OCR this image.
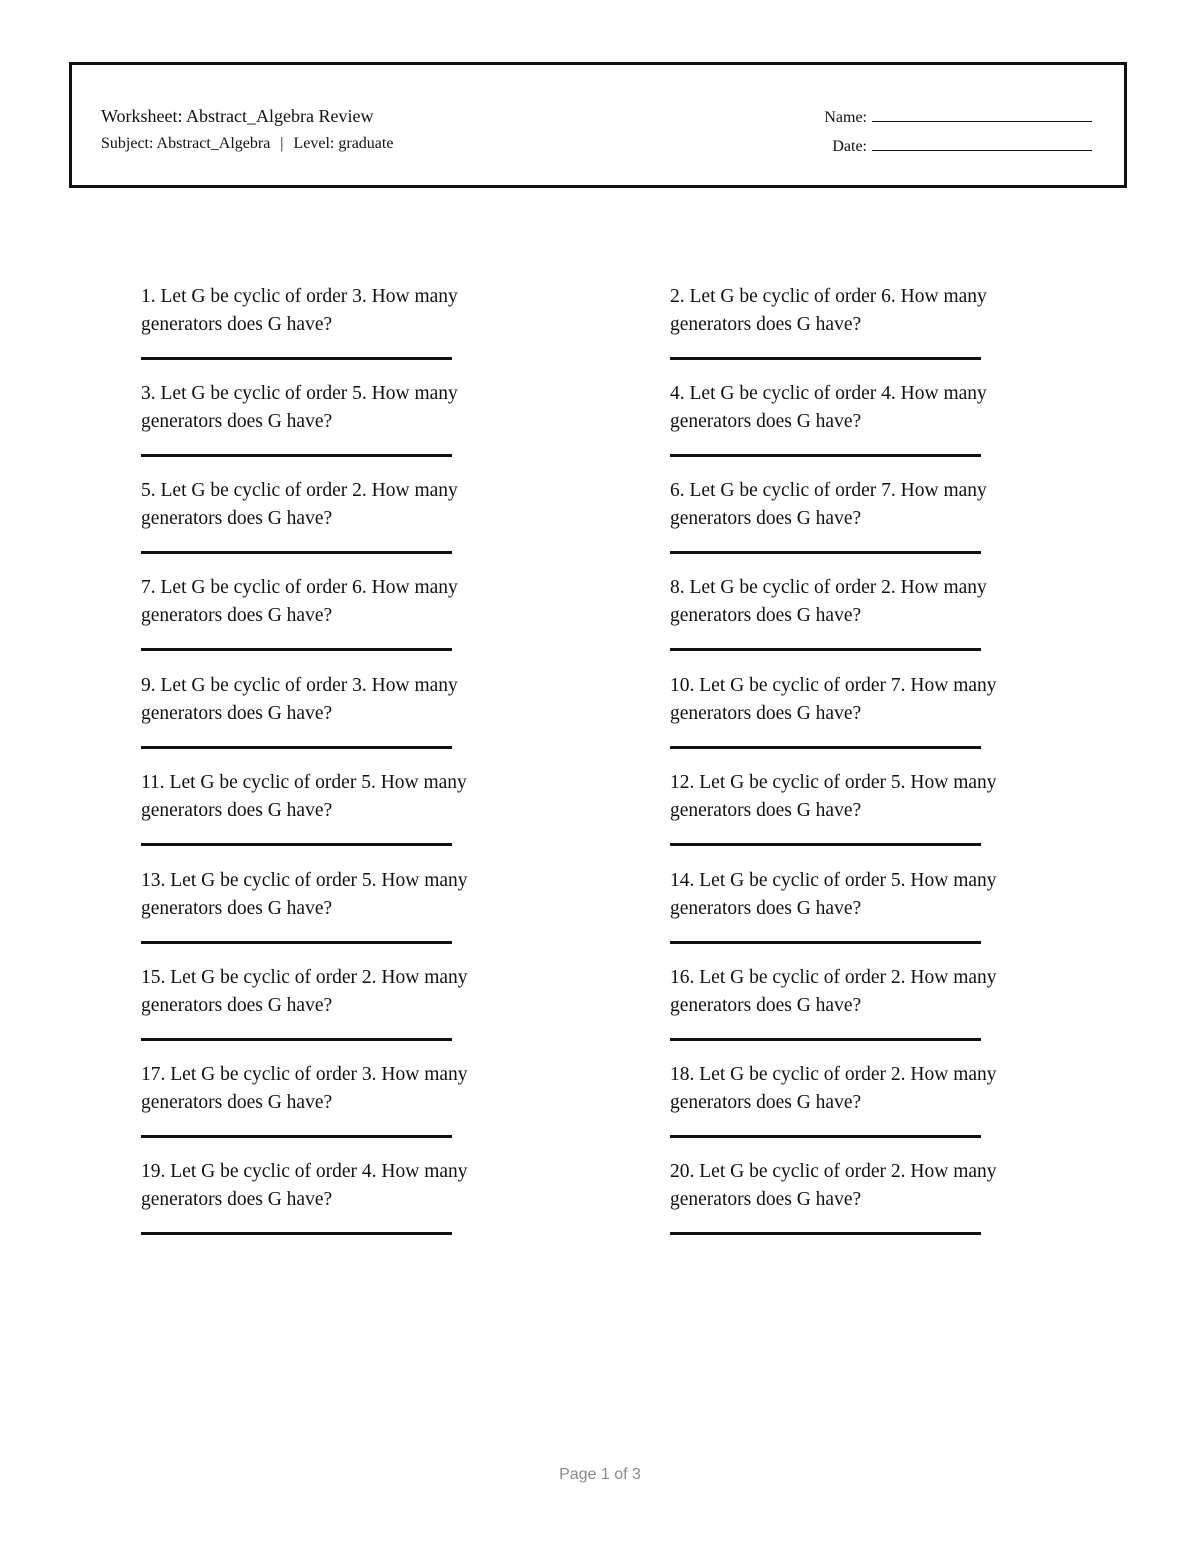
Worksheet: Abstract_Algebra Review
Subject: Abstract_Algebra | Level: graduate
Name:
Date:

1. Let G be cyclic of order 3. How many generators does G have?

2. Let G be cyclic of order 6. How many generators does G have?

3. Let G be cyclic of order 5. How many generators does G have?

4. Let G be cyclic of order 4. How many generators does G have?

5. Let G be cyclic of order 2. How many generators does G have?

6. Let G be cyclic of order 7. How many generators does G have?

7. Let G be cyclic of order 6. How many generators does G have?

8. Let G be cyclic of order 2. How many generators does G have?

9. Let G be cyclic of order 3. How many generators does G have?

10. Let G be cyclic of order 7. How many generators does G have?

11. Let G be cyclic of order 5. How many generators does G have?

12. Let G be cyclic of order 5. How many generators does G have?

13. Let G be cyclic of order 5. How many generators does G have?

14. Let G be cyclic of order 5. How many generators does G have?

15. Let G be cyclic of order 2. How many generators does G have?

16. Let G be cyclic of order 2. How many generators does G have?

17. Let G be cyclic of order 3. How many generators does G have?

18. Let G be cyclic of order 2. How many generators does G have?

19. Let G be cyclic of order 4. How many generators does G have?

20. Let G be cyclic of order 2. How many generators does G have?

Page 1 of 3
